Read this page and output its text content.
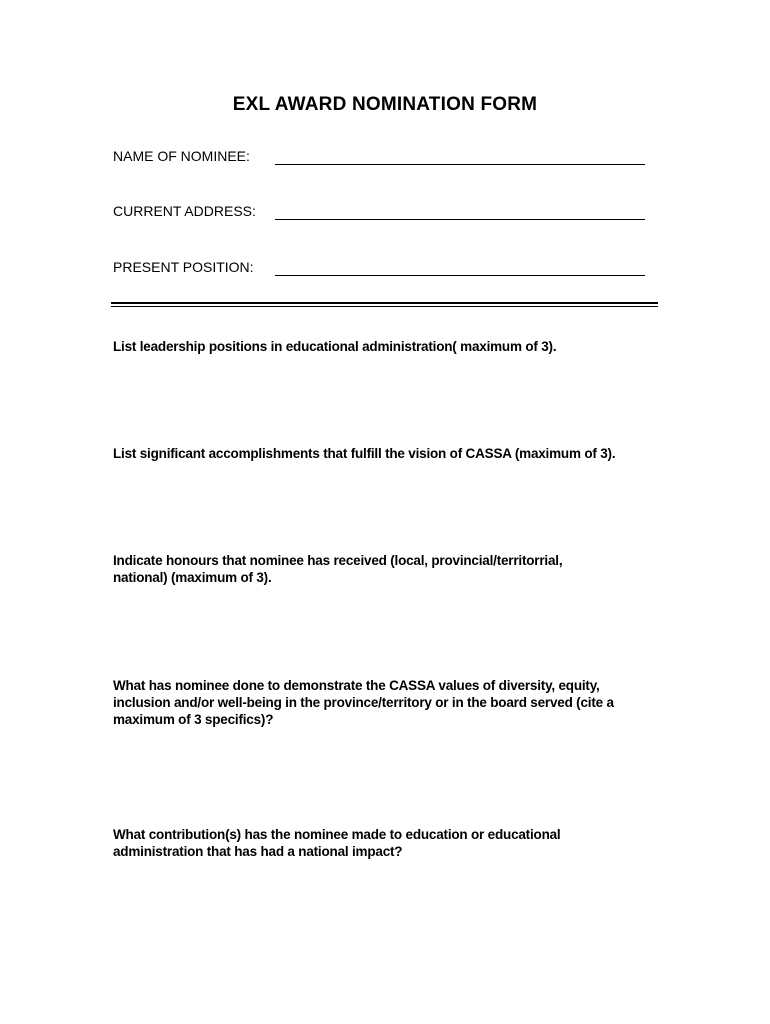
EXL AWARD NOMINATION FORM
NAME OF NOMINEE:
CURRENT ADDRESS:
PRESENT POSITION:
List leadership positions in educational administration( maximum of 3).
List significant accomplishments that fulfill the vision of CASSA (maximum of 3).
Indicate honours that nominee has received (local, provincial/territorrial, national) (maximum of 3).
What has nominee done to demonstrate the CASSA values of diversity, equity, inclusion and/or well-being in the province/territory or in the board served (cite a maximum of 3 specifics)?
What contribution(s) has the nominee made to education or educational administration that has had a national impact?
